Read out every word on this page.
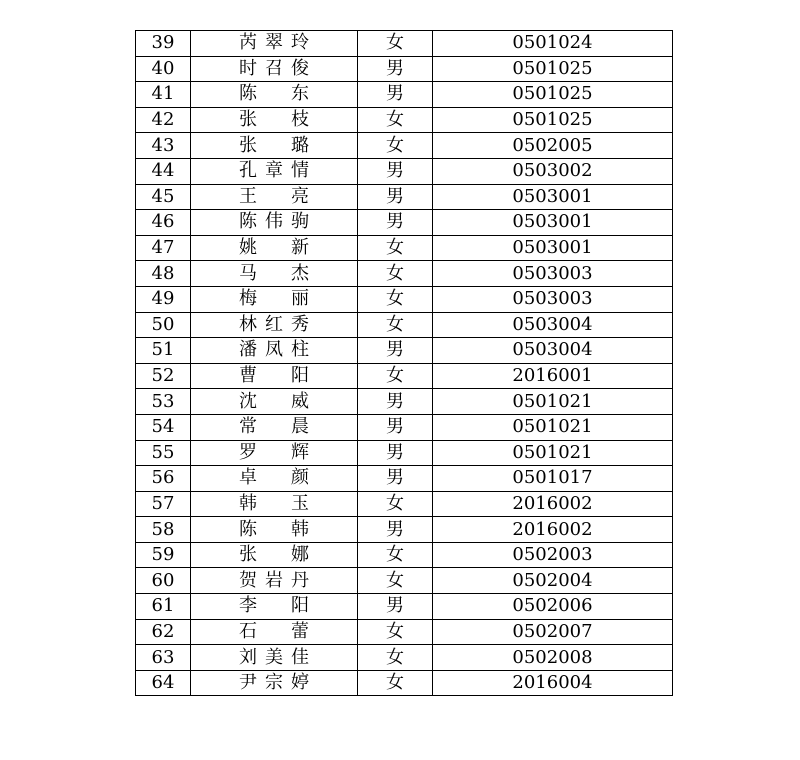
39	芮翠玲	女	0501024
40	时召俊	男	0501025
41	陈　东	男	0501025
42	张　枝	女	0501025
43	张　璐	女	0502005
44	孔章情	男	0503002
45	王　亮	男	0503001
46	陈伟驹	男	0503001
47	姚　新	女	0503001
48	马　杰	女	0503003
49	梅　丽	女	0503003
50	林红秀	女	0503004
51	潘凤柱	男	0503004
52	曹　阳	女	2016001
53	沈　威	男	0501021
54	常　晨	男	0501021
55	罗　辉	男	0501021
56	卓　颜	男	0501017
57	韩　玉	女	2016002
58	陈　韩	男	2016002
59	张　娜	女	0502003
60	贺岩丹	女	0502004
61	李　阳	男	0502006
62	石　蕾	女	0502007
63	刘美佳	女	0502008
64	尹宗婷	女	2016004
